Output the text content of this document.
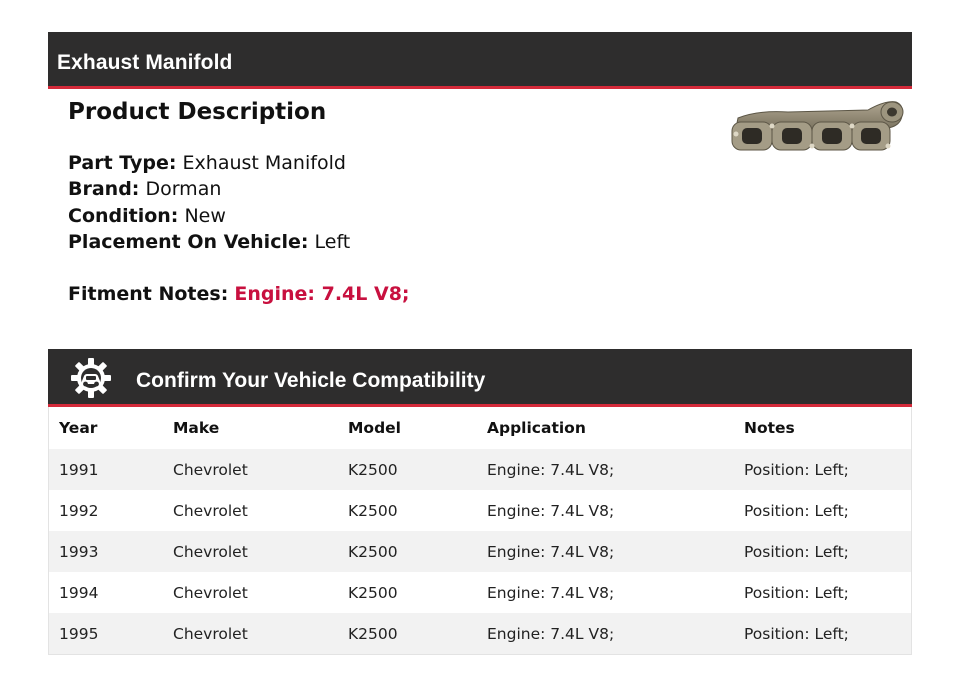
Exhaust Manifold
Product Description
Part Type: Exhaust Manifold
Brand: Dorman
Condition: New
Placement On Vehicle: Left
Fitment Notes: Engine: 7.4L V8;
Confirm Your Vehicle Compatibility
Year	Make	Model	Application	Notes
1991	Chevrolet	K2500	Engine: 7.4L V8;	Position: Left;
1992	Chevrolet	K2500	Engine: 7.4L V8;	Position: Left;
1993	Chevrolet	K2500	Engine: 7.4L V8;	Position: Left;
1994	Chevrolet	K2500	Engine: 7.4L V8;	Position: Left;
1995	Chevrolet	K2500	Engine: 7.4L V8;	Position: Left;
